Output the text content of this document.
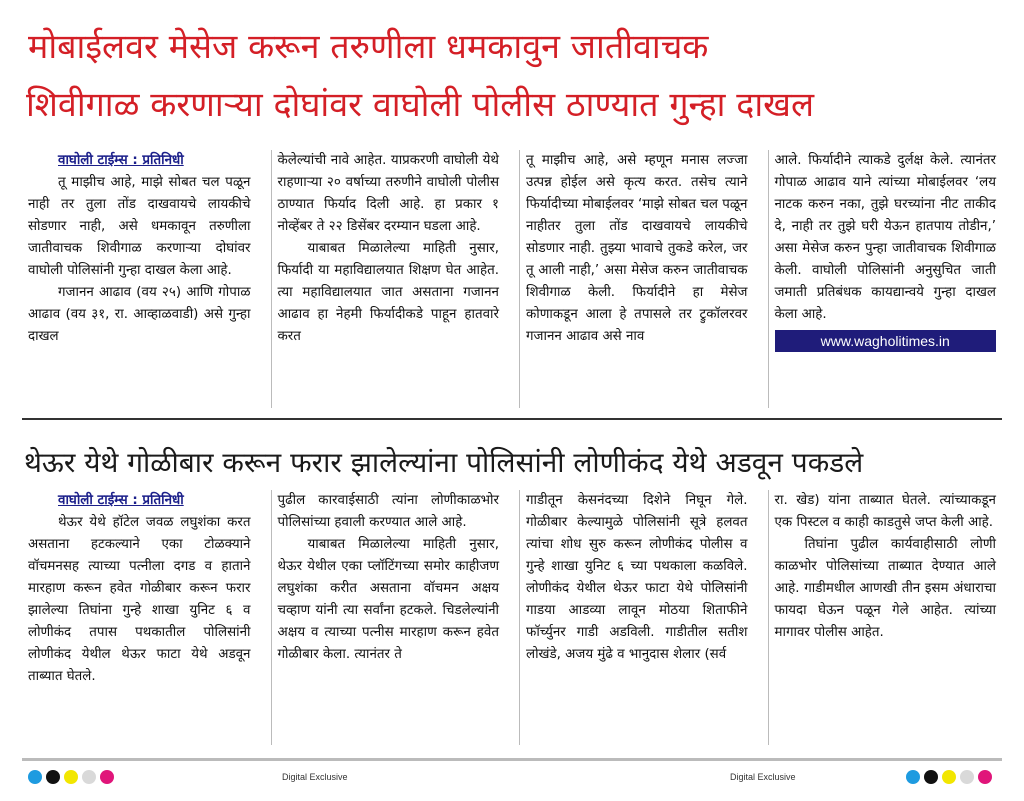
मोबाईलवर मेसेज करून तरुणीला धमकावुन जातीवाचक
शिवीगाळ करणाऱ्या दोघांवर वाघोली पोलीस ठाण्यात गुन्हा दाखल
वाघोली टाईम्स : प्रतिनिधी
तू माझीच आहे, माझे सोबत चल पळून नाही तर तुला तोंड दाखवायचे लायकीचे सोडणार नाही, असे धमकावून तरुणीला जातीवाचक शिवीगाळ करणाऱ्या दोघांवर वाघोली पोलिसांनी गुन्हा दाखल केला आहे.
गजानन आढाव (वय २५) आणि गोपाळ आढाव (वय ३१, रा. आव्हाळवाडी) असे गुन्हा दाखल
केलेल्यांची नावे आहेत. याप्रकरणी वाघोली येथे राहणाऱ्या २० वर्षाच्या तरुणीने वाघोली पोलीस ठाण्यात फिर्याद दिली आहे. हा प्रकार १ नोव्हेंबर ते २२ डिसेंबर दरम्यान घडला आहे.
याबाबत मिळालेल्या माहिती नुसार, फिर्यादी या महाविद्यालयात शिक्षण घेत आहेत. त्या महाविद्यालयात जात असताना गजानन आढाव हा नेहमी फिर्यादीकडे पाहून हातवारे करत
तू माझीच आहे, असे म्हणून मनास लज्जा उत्पन्न होईल असे कृत्य करत. तसेच त्याने फिर्यादीच्या मोबाईलवर ‘माझे सोबत चल पळून नाहीतर तुला तोंड दाखवायचे लायकीचे सोडणार नाही. तुझ्या भावाचे तुकडे करेल, जर तू आली नाही,’ असा मेसेज करुन जातीवाचक शिवीगाळ केली. फिर्यादीने हा मेसेज कोणाकडून आला हे तपासले तर ट्रुकॉलरवर गजानन आढाव असे नाव
आले. फिर्यादीने त्याकडे दुर्लक्ष केले. त्यानंतर गोपाळ आढाव याने त्यांच्या मोबाईलवर ‘लय नाटक करुन नका, तुझे घरच्यांना नीट ताकीद दे, नाही तर तुझे घरी येऊन हातपाय तोडीन,’ असा मेसेज करुन पुन्हा जातीवाचक शिवीगाळ केली. वाघोली पोलिसांनी अनुसुचित जाती जमाती प्रतिबंधक कायद्यान्वये गुन्हा दाखल केला आहे.
www.wagholitimes.in
थेऊर येथे गोळीबार करून फरार झालेल्यांना पोलिसांनी लोणीकंद येथे अडवून पकडले
वाघोली टाईम्स : प्रतिनिधी
थेऊर येथे हॉटेल जवळ लघुशंका करत असताना हटकल्याने एका टोळक्याने वॉचमनसह त्याच्या पत्नीला दगड व हाताने मारहाण करून हवेत गोळीबार करून फरार झालेल्या तिघांना गुन्हे शाखा युनिट ६ व लोणीकंद तपास पथकातील पोलिसांनी लोणीकंद येथील थेऊर फाटा येथे अडवून ताब्यात घेतले.
पुढील कारवाईसाठी त्यांना लोणीकाळभोर पोलिसांच्या हवाली करण्यात आले आहे.
याबाबत मिळालेल्या माहिती नुसार, थेऊर येथील एका प्लॉटिंगच्या समोर काहीजण लघुशंका करीत असताना वॉचमन अक्षय चव्हाण यांनी त्या सर्वांना हटकले. चिडलेल्यांनी अक्षय व त्याच्या पत्नीस मारहाण करून हवेत गोळीबार केला. त्यानंतर ते
गाडीतून केसनंदच्या दिशेने निघून गेले. गोळीबार केल्यामुळे पोलिसांनी सूत्रे हलवत त्यांचा शोध सुरु करून लोणीकंद पोलीस व गुन्हे शाखा युनिट ६ च्या पथकाला कळविले. लोणीकंद येथील थेऊर फाटा येथे पोलिसांनी गाडया आडव्या लावून मोठया शिताफीने फॉर्च्युनर गाडी अडविली. गाडीतील सतीश लोखंडे, अजय मुंढे व भानुदास शेलार (सर्व
रा. खेड) यांना ताब्यात घेतले. त्यांच्याकडून एक पिस्टल व काही काडतुसे जप्त केली आहे.
तिघांना पुढील कार्यवाहीसाठी लोणी काळभोर पोलिसांच्या ताब्यात देण्यात आले आहे. गाडीमधील आणखी तीन इसम अंधाराचा फायदा घेऊन पळून गेले आहेत. त्यांच्या मागावर पोलीस आहेत.
Digital Exclusive	Digital Exclusive
